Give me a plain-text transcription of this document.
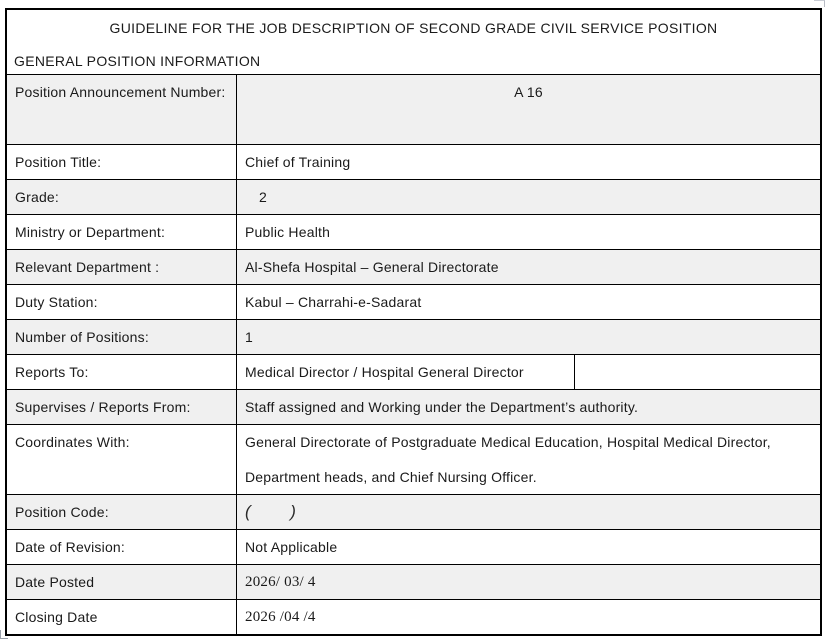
GUIDELINE FOR THE JOB DESCRIPTION OF SECOND GRADE CIVIL SERVICE POSITION
GENERAL POSITION INFORMATION
Position Announcement Number:	A 16
Position Title:	Chief of Training
Grade:	2
Ministry or Department:	Public Health
Relevant Department :	Al-Shefa Hospital – General Directorate
Duty Station:	Kabul – Charrahi-e-Sadarat
Number of Positions:	1
Reports To:	Medical Director / Hospital General Director
Supervises / Reports From:	Staff assigned and Working under the Department’s authority.
Coordinates With:	General Directorate of Postgraduate Medical Education, Hospital Medical Director, Department heads, and Chief Nursing Officer.
Position Code:	(        )
Date of Revision:	Not Applicable
Date Posted	2026/ 03/ 4
Closing Date	2026 /04 /4
